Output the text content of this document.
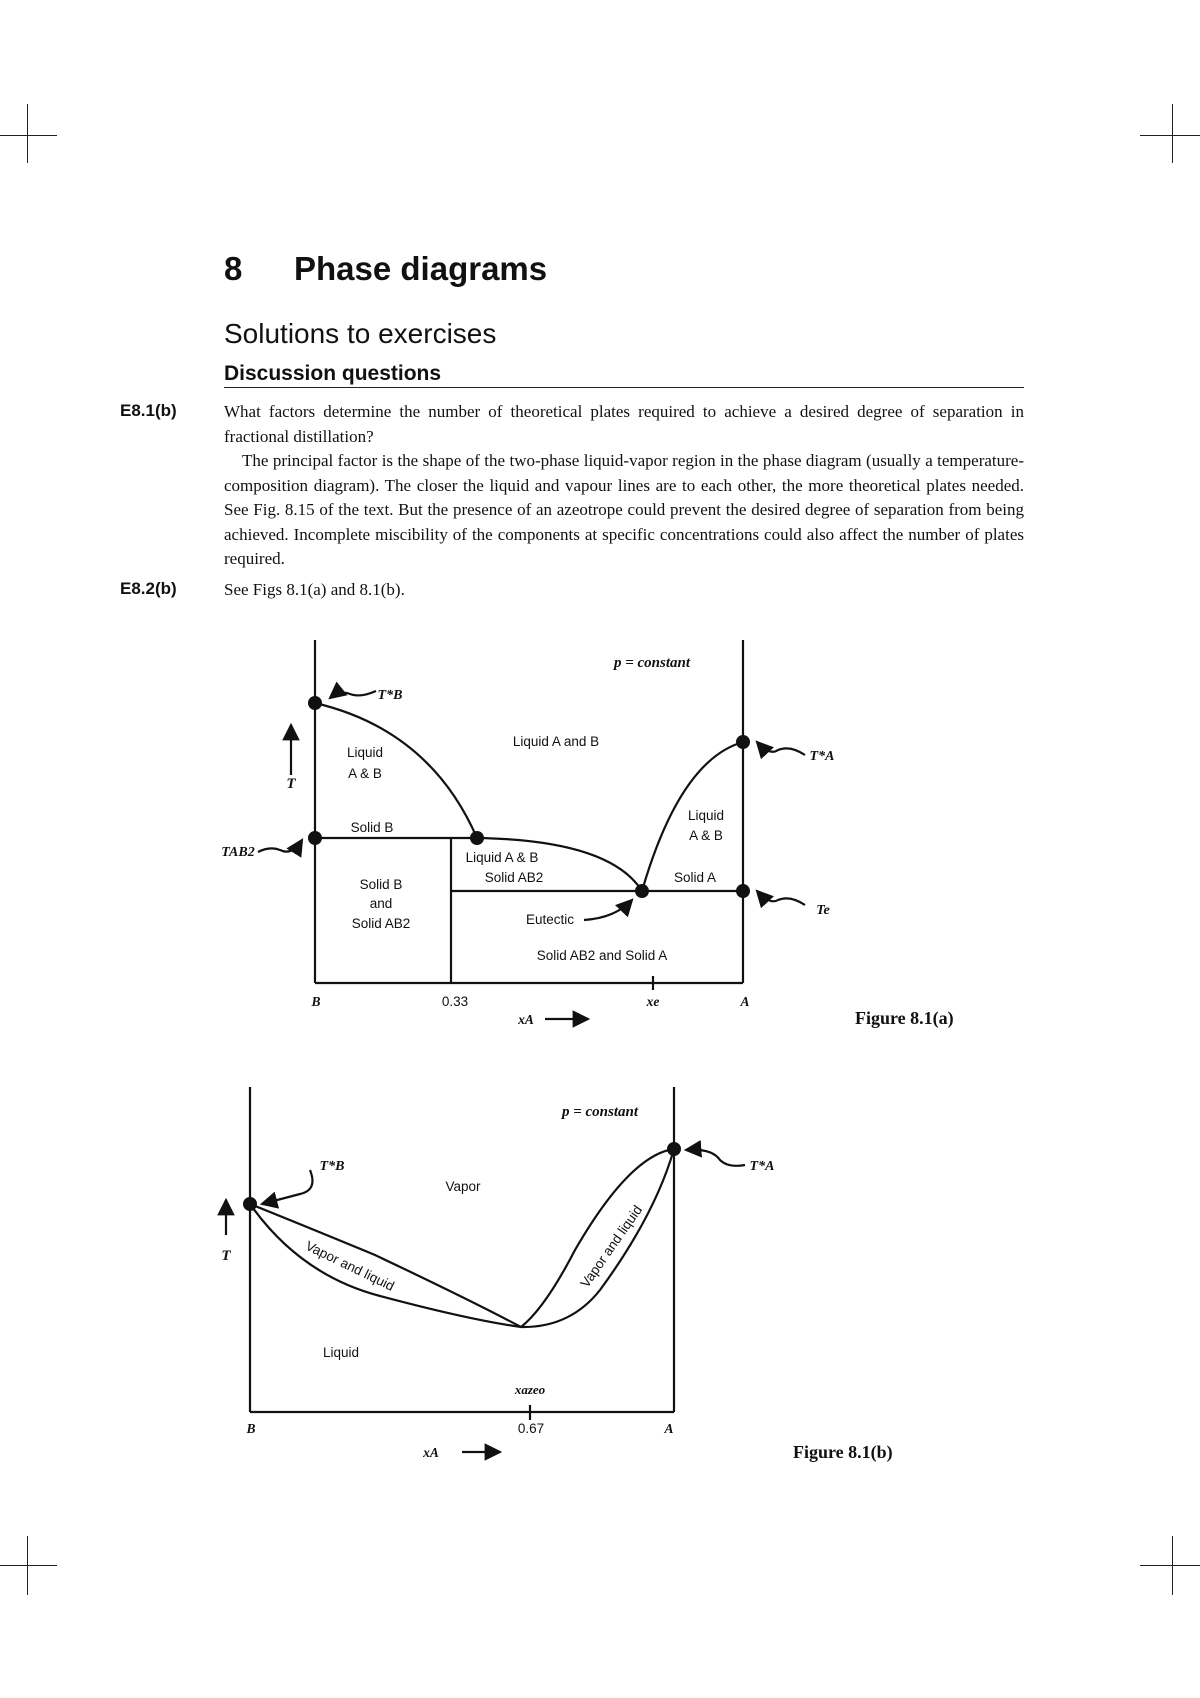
8 Phase diagrams
Solutions to exercises
Discussion questions
E8.1(b)	What factors determine the number of theoretical plates required to achieve a desired degree of separation in fractional distillation?

The principal factor is the shape of the two-phase liquid-vapor region in the phase diagram (usually a temperature-composition diagram). The closer the liquid and vapour lines are to each other, the more theoretical plates needed. See Fig. 8.15 of the text. But the presence of an azeotrope could prevent the desired degree of separation from being achieved. Incomplete miscibility of the components at specific concentrations could also affect the number of plates required.

E8.2(b)	See Figs 8.1(a) and 8.1(b).

p = constant
T
T*B
T*A
TAB2
Te
Liquid
A & B
Liquid A and B
Liquid
A & B
Solid B
Liquid A & B
Solid AB2
Solid B
and
Solid AB2
Solid A
Eutectic
Solid AB2 and Solid A
B	0.33	xe	A
xA	Figure 8.1(a)
p = constant
T
T*B	T*A
Vapor
Vapor and liquid	Vapor and liquid
Liquid
xazeo
B	0.67	A
xA	Figure 8.1(b)
